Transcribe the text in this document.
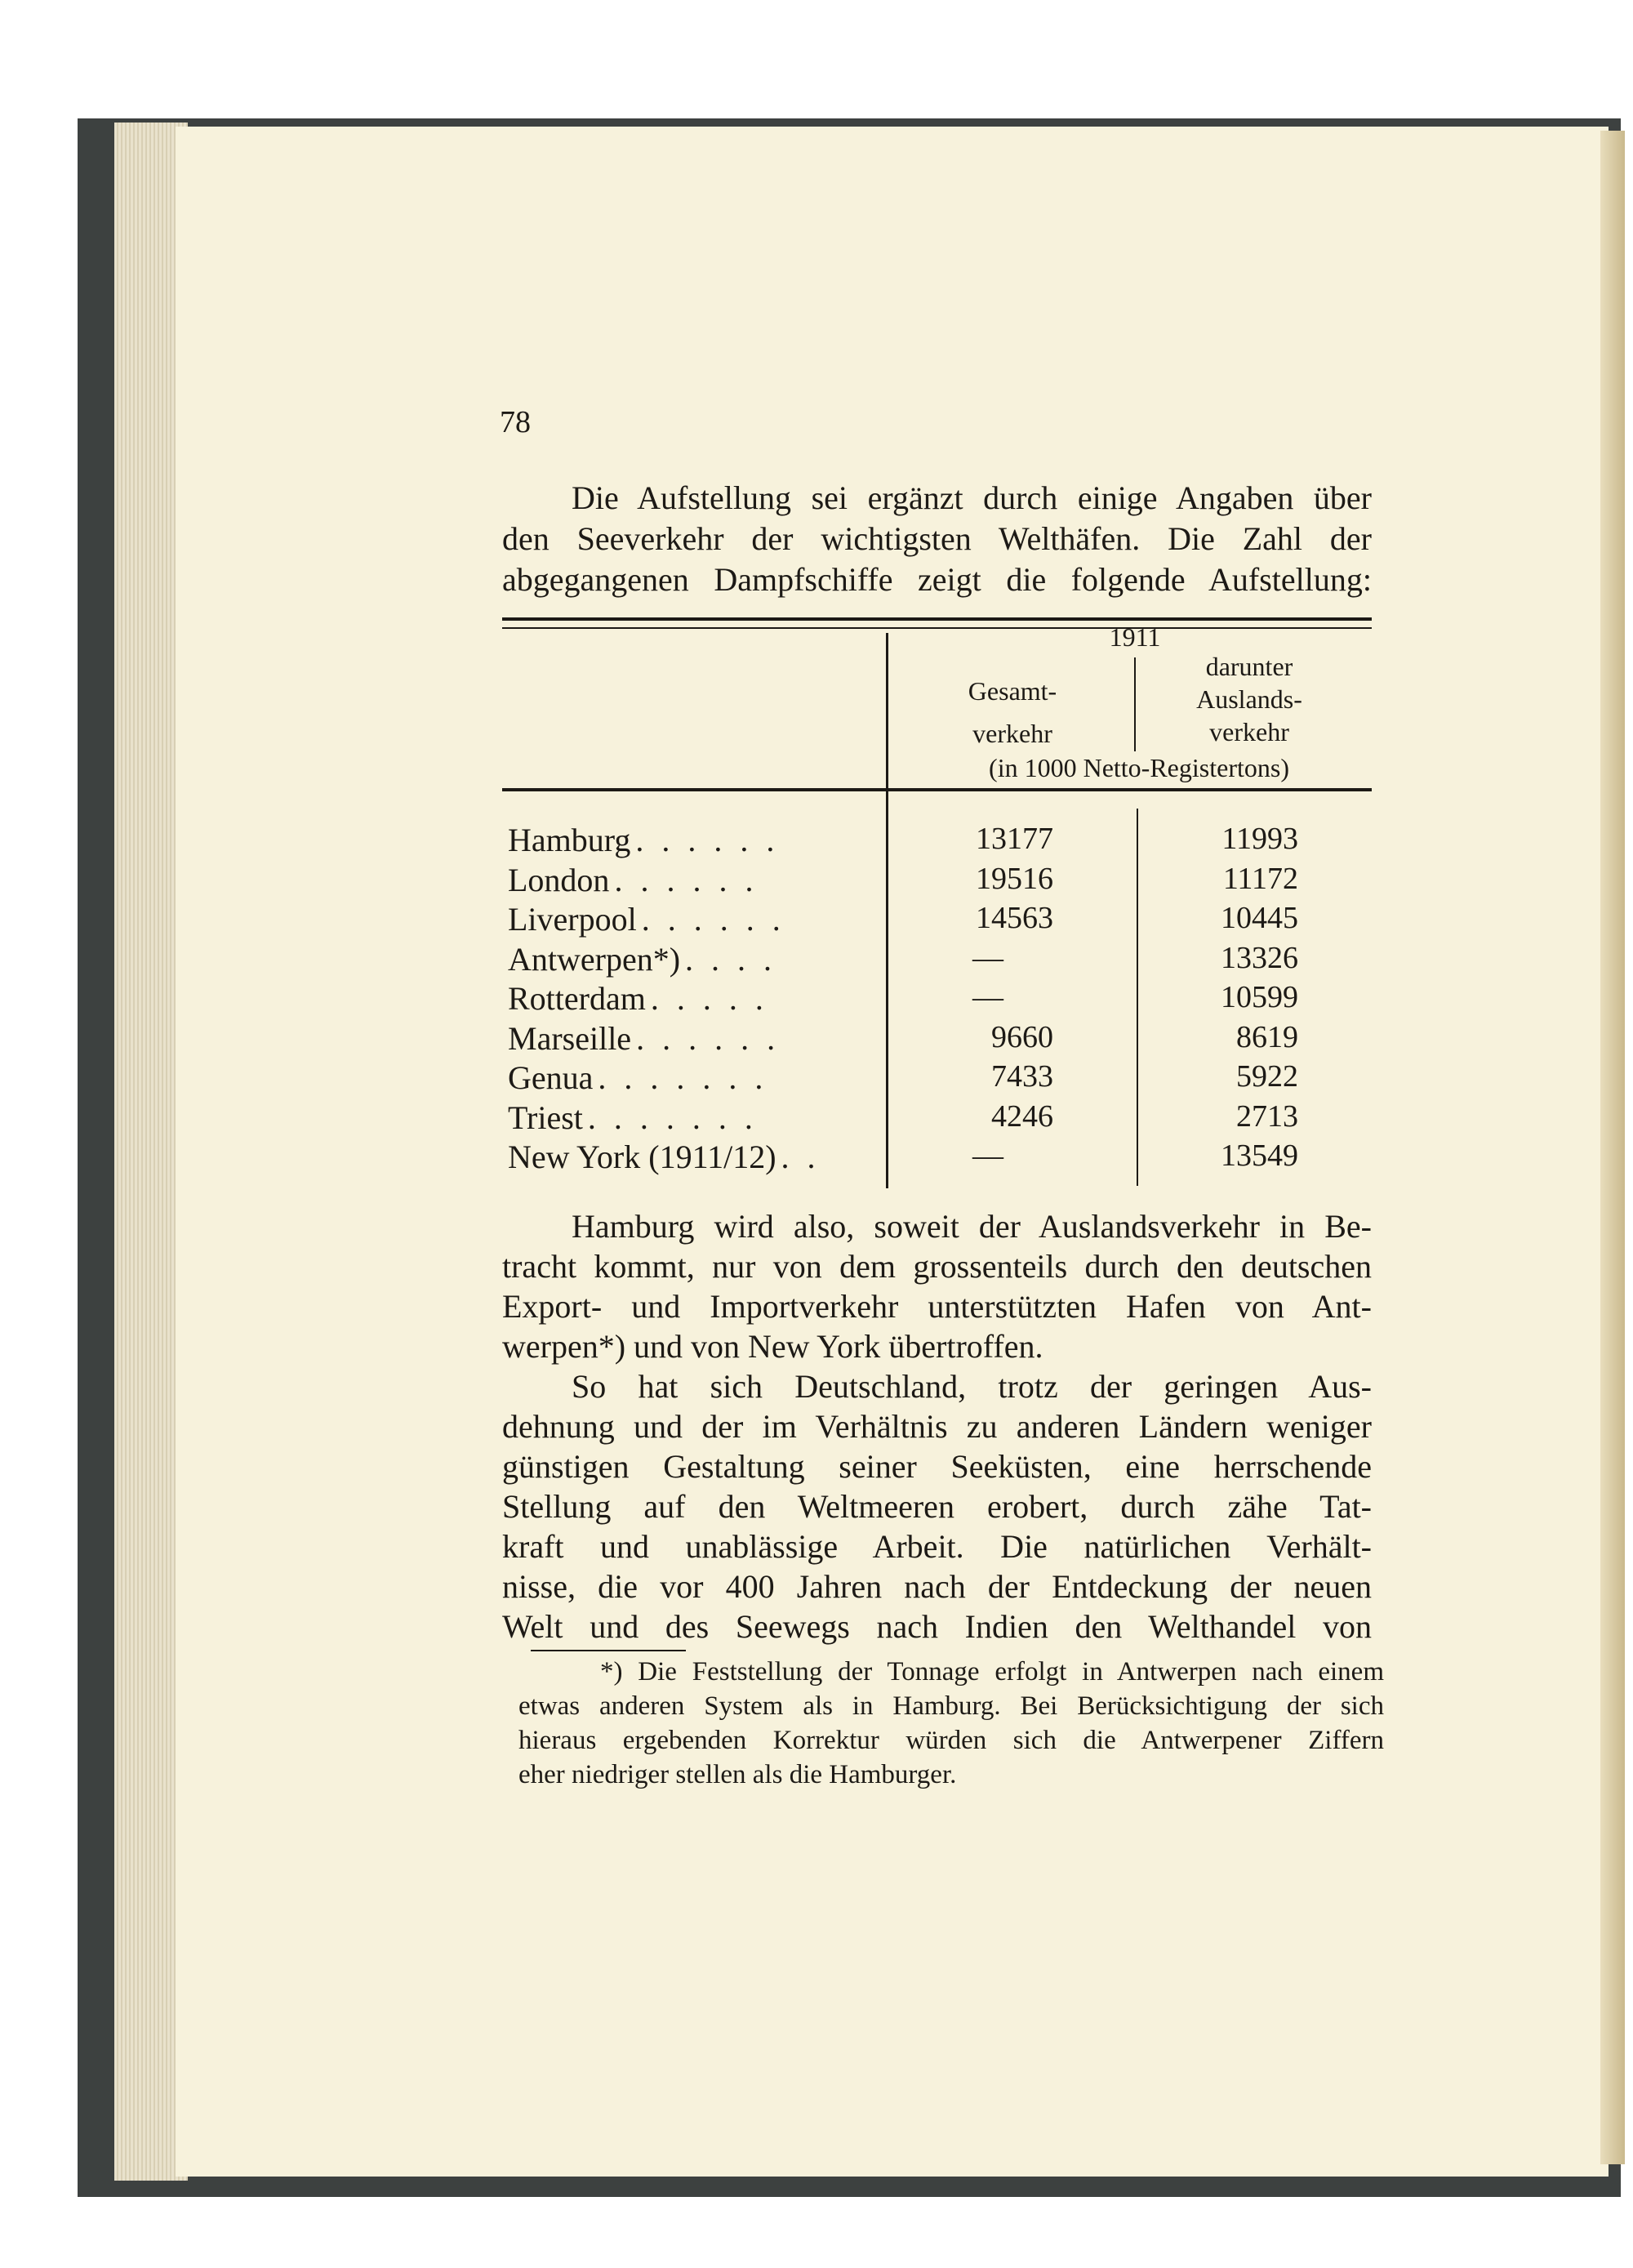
78
Die Aufstellung sei ergänzt durch einige Angaben über
den Seeverkehr der wichtigsten Welthäfen. Die Zahl der
abgegangenen Dampfschiffe zeigt die folgende Aufstellung:
1911
Gesamt-
verkehr
darunter
Auslands-
verkehr
(in 1000 Netto-Registertons)
Hamburg . . . . . .	13177	11993
London . . . . . .	19516	11172
Liverpool . . . . . .	14563	10445
Antwerpen*) . . . .	—	13326
Rotterdam . . . . .	—	10599
Marseille . . . . . .	9660	8619
Genua . . . . . . .	7433	5922
Triest . . . . . . .	4246	2713
New York (1911/12) . .	—	13549
Hamburg wird also, soweit der Auslandsverkehr in Be-
tracht kommt, nur von dem grossenteils durch den deutschen
Export- und Importverkehr unterstützten Hafen von Ant-
werpen*) und von New York übertroffen.
So hat sich Deutschland, trotz der geringen Aus-
dehnung und der im Verhältnis zu anderen Ländern weniger
günstigen Gestaltung seiner Seeküsten, eine herrschende
Stellung auf den Weltmeeren erobert, durch zähe Tat-
kraft und unablässige Arbeit. Die natürlichen Verhält-
nisse, die vor 400 Jahren nach der Entdeckung der neuen
Welt und des Seewegs nach Indien den Welthandel von
*) Die Feststellung der Tonnage erfolgt in Antwerpen nach einem
etwas anderen System als in Hamburg. Bei Berücksichtigung der sich
hieraus ergebenden Korrektur würden sich die Antwerpener Ziffern
eher niedriger stellen als die Hamburger.
